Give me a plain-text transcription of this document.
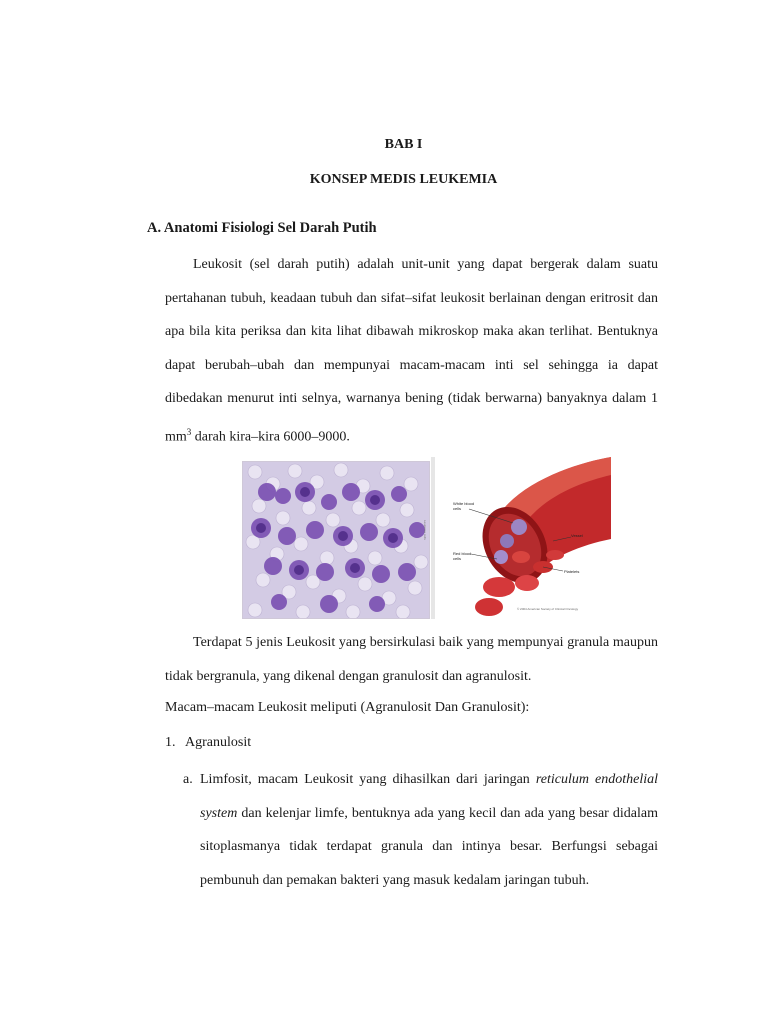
BAB I
KONSEP MEDIS LEUKEMIA
A. Anatomi Fisiologi Sel Darah Putih
Leukosit (sel darah putih) adalah unit-unit yang dapat bergerak dalam suatu pertahanan tubuh, keadaan tubuh dan sifat–sifat leukosit berlainan dengan eritrosit dan apa bila kita periksa dan kita lihat dibawah mikroskop maka akan terlihat. Bentuknya dapat berubah–ubah dan mempunyai macam-macam inti sel sehingga ia dapat dibedakan menurut inti selnya, warnanya bening (tidak berwarna) banyaknya dalam 1 $mm^3$ darah kira–kira 6000–9000.
White blood cells
Red blood cells
Vessel
Platelets
© 2004 American Society of Clinical Oncology
Leukemia cells
Terdapat 5 jenis Leukosit yang bersirkulasi baik yang mempunyai granula maupun tidak bergranula, yang dikenal dengan granulosit dan agranulosit.
Macam–macam Leukosit meliputi (Agranulosit Dan Granulosit):
1. Agranulosit
a. Limfosit, macam Leukosit yang dihasilkan dari jaringan reticulum endothelial system dan kelenjar limfe, bentuknya ada yang kecil dan ada yang besar didalam sitoplasmanya tidak terdapat granula dan intinya besar. Berfungsi sebagai pembunuh dan pemakan bakteri yang masuk kedalam jaringan tubuh.
